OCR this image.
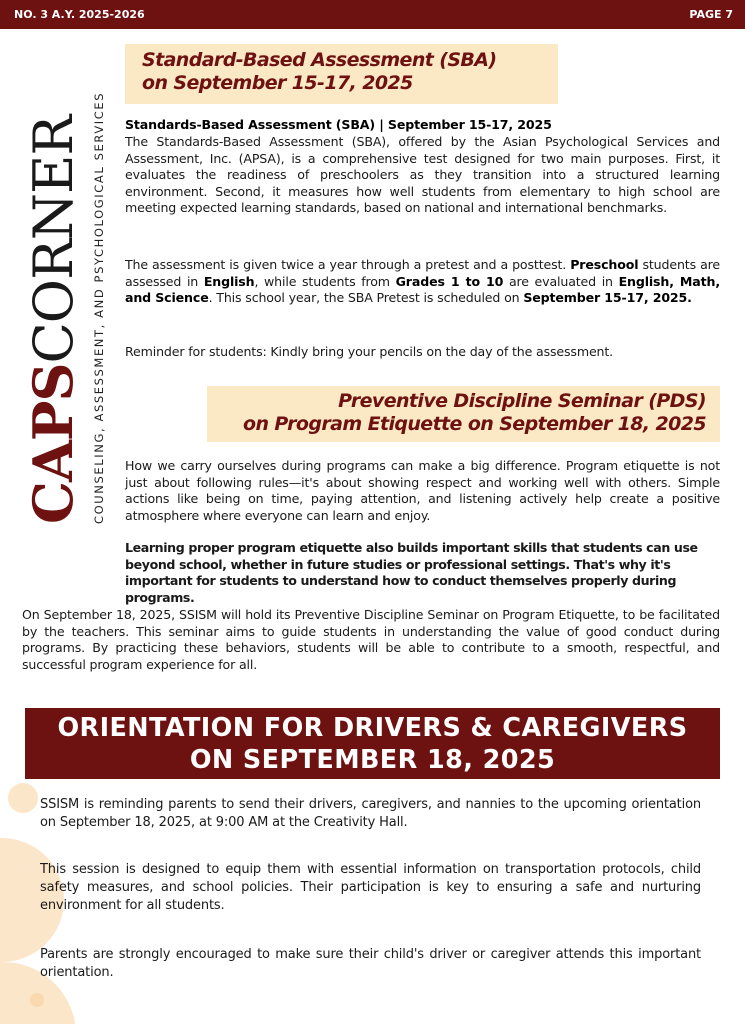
NO. 3 A.Y. 2025-2026	PAGE 7
CAPSCORNER COUNSELING, ASSESSMENT, AND PSYCHOLOGICAL SERVICES
Standard-Based Assessment (SBA)
on September 15-17, 2025
Standards-Based Assessment (SBA) | September 15-17, 2025
The Standards-Based Assessment (SBA), offered by the Asian Psychological Services and Assessment, Inc. (APSA), is a comprehensive test designed for two main purposes. First, it evaluates the readiness of preschoolers as they transition into a structured learning environment. Second, it measures how well students from elementary to high school are meeting expected learning standards, based on national and international benchmarks.
The assessment is given twice a year through a pretest and a posttest. Preschool students are assessed in English, while students from Grades 1 to 10 are evaluated in English, Math, and Science. This school year, the SBA Pretest is scheduled on September 15-17, 2025.
Reminder for students: Kindly bring your pencils on the day of the assessment.
Preventive Discipline Seminar (PDS)
on Program Etiquette on September 18, 2025
How we carry ourselves during programs can make a big difference. Program etiquette is not just about following rules—it's about showing respect and working well with others. Simple actions like being on time, paying attention, and listening actively help create a positive atmosphere where everyone can learn and enjoy.
Learning proper program etiquette also builds important skills that students can use beyond school, whether in future studies or professional settings. That's why it's important for students to understand how to conduct themselves properly during programs.
On September 18, 2025, SSISM will hold its Preventive Discipline Seminar on Program Etiquette, to be facilitated by the teachers. This seminar aims to guide students in understanding the value of good conduct during programs. By practicing these behaviors, students will be able to contribute to a smooth, respectful, and successful program experience for all.
ORIENTATION FOR DRIVERS & CAREGIVERS
ON SEPTEMBER 18, 2025
SSISM is reminding parents to send their drivers, caregivers, and nannies to the upcoming orientation on September 18, 2025, at 9:00 AM at the Creativity Hall.
This session is designed to equip them with essential information on transportation protocols, child safety measures, and school policies. Their participation is key to ensuring a safe and nurturing environment for all students.
Parents are strongly encouraged to make sure their child's driver or caregiver attends this important orientation.
